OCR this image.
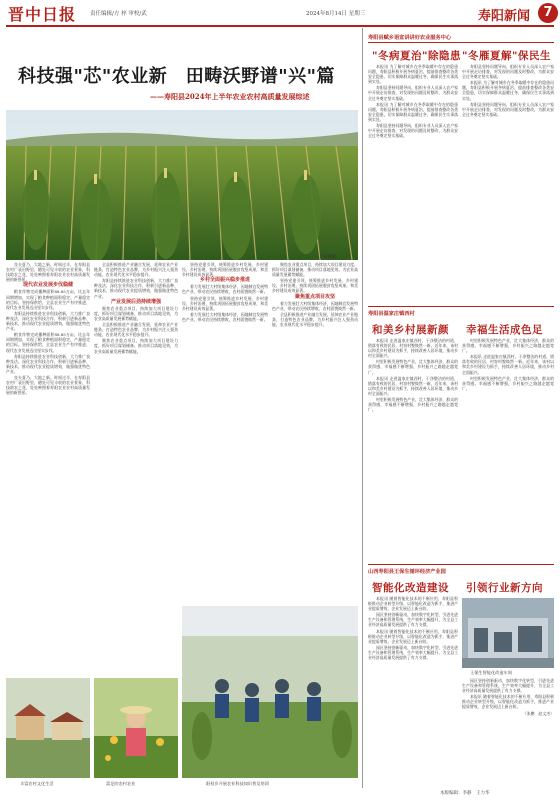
晋中日报	责任编辑/方 梓 审校/武	2024年8月14日 星期三	寿阳新闻	7
科技强"芯"农业新　田畴沃野谱"兴"篇
——寿阳县2024年上半年农业农村高质量发展综述
玉米种植

良夫夏乃，大地之新。时间过半，在寿阳县农村广袤田野里，随处可见丰收的农业景象，科技助农之花，处处映照着寿阳农业农村高质量发展的新图景。

现代农业发展步伐稳健

粮食作物完成播种面积88.85万亩，比去年同期增加，实现了粮食种植面积稳定、产量稳定的目标。坚持保供给，全县农业生产有序推进，现代农业发展迈出坚实步伐。

寿阳县持续推进农业科技创新，大力推广良种良法，深化农业科技合作，积极引进新品种、新技术，推动现代农业提质增效，做强做优特色产业。

粮食作物完成播种面积88.85万亩，比去年同期增加，实现了粮食种植面积稳定、产量稳定的目标。坚持保供给，全县农业生产有序推进，现代农业发展迈出坚实步伐。

寿阳县持续推进农业科技创新，大力推广良种良法，深化农业科技合作，积极引进新品种、新技术，推动现代农业提质增效，做强做优特色产业。

良夫夏乃，大地之新。时间过半，在寿阳县农村广袤田野里，随处可见丰收的农业景象，科技助农之花，处处映照着寿阳农业农村高质量发展的新图景。

全县积极推进产业融合发展，延伸农业产业链条，打造特色农业品牌，为乡村振兴注入强劲动能，农业现代化水平稳步提升。

寿阳县持续推进农业科技创新，大力推广良种良法，深化农业科技合作，积极引进新品种、新技术，推动现代农业提质增效，做强做优特色产业。

产业发展后劲持续增强

聚焦农业重点项目，持续加大项目建设力度，抓好项目谋划储备，推动项目落地见效，为农业高质量发展蓄势赋能。

全县积极推进产业融合发展，延伸农业产业链条，打造特色农业品牌，为乡村振兴注入强劲动能，农业现代化水平稳步提升。

聚焦农业重点项目，持续加大项目建设力度，抓好项目谋划储备，推动项目落地见效，为农业高质量发展蓄势赋能。

坚持党建引领，统筹推进乡村发展、乡村建设、乡村治理，持续巩固拓展脱贫攻坚成果，和美乡村建设成效显著。

乡村全面振兴稳步推进

着力发展壮大村级集体经济，因地制宜发展特色产业，带动农民持续增收，农村面貌焕然一新。

坚持党建引领，统筹推进乡村发展、乡村建设、乡村治理，持续巩固拓展脱贫攻坚成果，和美乡村建设成效显著。

着力发展壮大村级集体经济，因地制宜发展特色产业，带动农民持续增收，农村面貌焕然一新。

聚焦农业重点项目，持续加大项目建设力度，抓好项目谋划储备，推动项目落地见效，为农业高质量发展蓄势赋能。

坚持党建引领，统筹推进乡村发展、乡村建设、乡村治理，持续巩固拓展脱贫攻坚成果，和美乡村建设成效显著。

聚焦重点项目攻坚

着力发展壮大村级集体经济，因地制宜发展特色产业，带动农民持续增收，农村面貌焕然一新。

全县积极推进产业融合发展，延伸农业产业链条，打造特色农业品牌，为乡村振兴注入强劲动能，农业现代化水平稳步提升。

丰富农村文化生活	富足的农村农业	阳权乡开展农业科技知识普及培训
寿阳县赋乡语宣讲讲好农业服务中心
"冬病夏治"除隐患 "冬雁夏解"保民生

本报讯 为了解对城乡在冬季取暖中存在的隐患问题，寿阳县积极开展冬病夏治，提前排查整改各类安全隐患，切实保障群众温暖过冬，确保民生实事落到实处。

寿阳县坚持问题导向，组织专业人员深入农户家中开展走访排查，对发现的问题及时整改，为群众安全过冬奠定坚实基础。

本报讯 为了解对城乡在冬季取暖中存在的隐患问题，寿阳县积极开展冬病夏治，提前排查整改各类安全隐患，切实保障群众温暖过冬，确保民生实事落到实处。

寿阳县坚持问题导向，组织专业人员深入农户家中开展走访排查，对发现的问题及时整改，为群众安全过冬奠定坚实基础。

寿阳县坚持问题导向，组织专业人员深入农户家中开展走访排查，对发现的问题及时整改，为群众安全过冬奠定坚实基础。

本报讯 为了解对城乡在冬季取暖中存在的隐患问题，寿阳县积极开展冬病夏治，提前排查整改各类安全隐患，切实保障群众温暖过冬，确保民生实事落到实处。

寿阳县坚持问题导向，组织专业人员深入农户家中开展走访排查，对发现的问题及时整改，为群众安全过冬奠定坚实基础。

寿阳县温家庄镇西村
和美乡村展新颜 幸福生活成色足

本报讯 走进温家庄镇西村，干净整洁的村道，错落有致的民居，村容村貌焕然一新。近年来，该村以和美乡村建设为抓手，持续改善人居环境，推动乡村全面振兴。

村里积极发展特色产业，壮大集体经济，群众的获得感、幸福感不断增强，乡村振兴之路越走越宽广。

本报讯 走进温家庄镇西村，干净整洁的村道，错落有致的民居，村容村貌焕然一新。近年来，该村以和美乡村建设为抓手，持续改善人居环境，推动乡村全面振兴。

村里积极发展特色产业，壮大集体经济，群众的获得感、幸福感不断增强，乡村振兴之路越走越宽广。

村里积极发展特色产业，壮大集体经济，群众的获得感、幸福感不断增强，乡村振兴之路越走越宽广。

本报讯 走进温家庄镇西村，干净整洁的村道，错落有致的民居，村容村貌焕然一新。近年来，该村以和美乡村建设为抓手，持续改善人居环境，推动乡村全面振兴。

村里积极发展特色产业，壮大集体经济，群众的获得感、幸福感不断增强，乡村振兴之路越走越宽广。

山西寿阳县王保生循环经济产业园
智能化改造建设 引领行业新方向

本报讯 随着智能化技术的不断应用，寿阳县积极推动企业转型升级，以智能化改造为抓手，推进产业提质增效，企业发展迈上新台阶。

园区坚持创新驱动，加快数字化转型，引进先进生产设备和管理系统，生产效率大幅提升，为全县工业经济高质量发展提供了有力支撑。

本报讯 随着智能化技术的不断应用，寿阳县积极推动企业转型升级，以智能化改造为抓手，推进产业提质增效，企业发展迈上新台阶。

园区坚持创新驱动，加快数字化转型，引进先进生产设备和管理系统，生产效率大幅提升，为全县工业经济高质量发展提供了有力支撑。

王保生智能化改造车间

园区坚持创新驱动，加快数字化转型，引进先进生产设备和管理系统，生产效率大幅提升，为全县工业经济高质量发展提供了有力支撑。

本报讯 随着智能化技术的不断应用，寿阳县积极推动企业转型升级，以智能化改造为抓手，推进产业提质增效，企业发展迈上新台阶。

（张鹏　赵文杰）

本版编辑：李静　王力华
